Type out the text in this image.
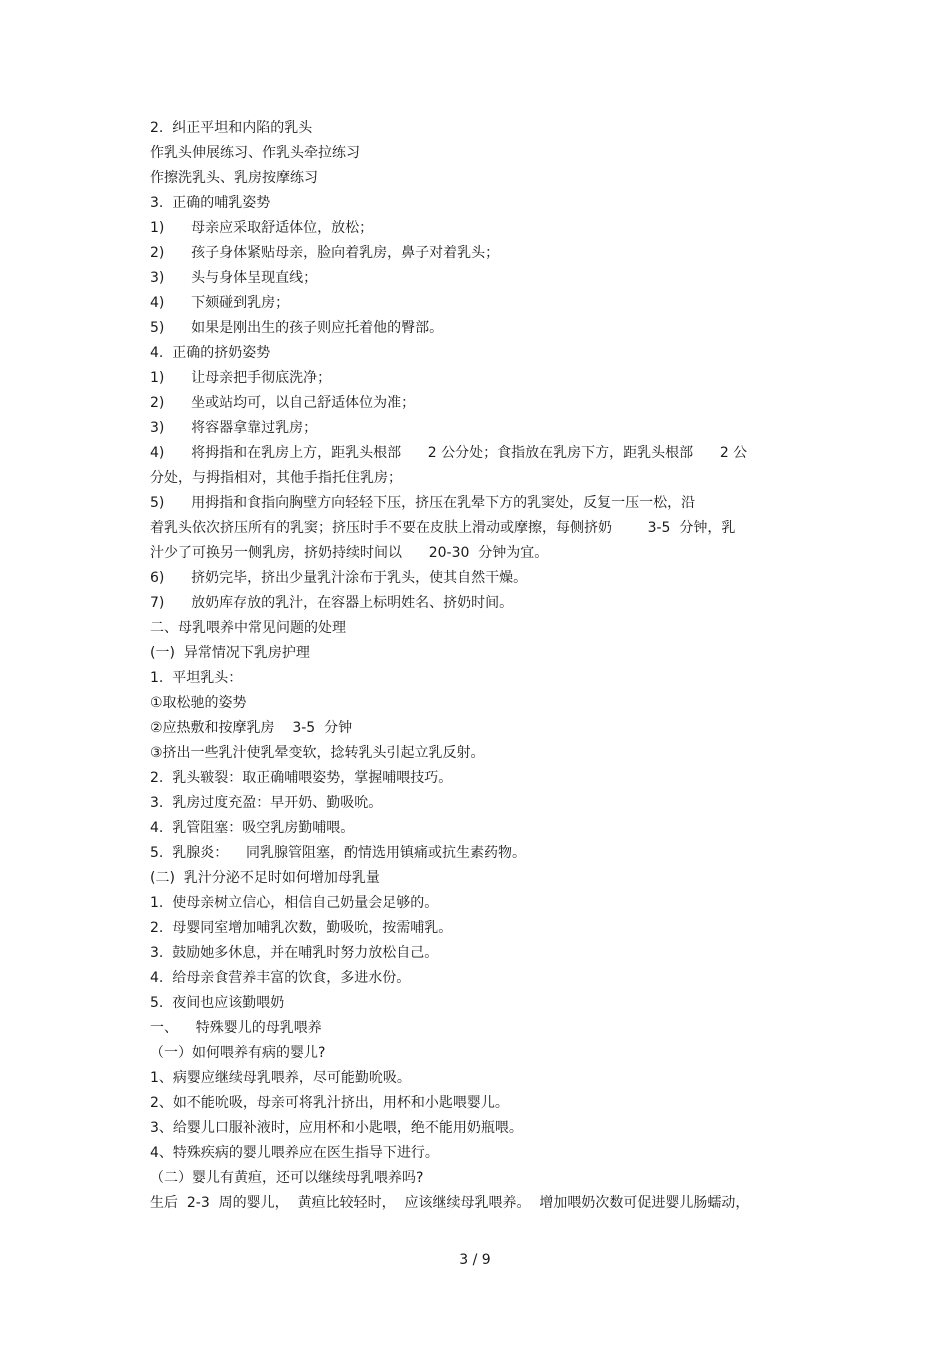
2.  纠正平坦和内陷的乳头
作乳头伸展练习、作乳头牵拉练习
作擦洗乳头、乳房按摩练习
3.  正确的哺乳姿势
1)      母亲应采取舒适体位，放松；
2)      孩子身体紧贴母亲，脸向着乳房，鼻子对着乳头；
3)      头与身体呈现直线；
4)      下颏碰到乳房；
5)      如果是刚出生的孩子则应托着他的臀部。
4.  正确的挤奶姿势
1)      让母亲把手彻底洗净；
2)      坐或站均可，以自己舒适体位为准；
3)      将容器拿靠过乳房；
4)      将拇指和在乳房上方，距乳头根部      2 公分处；食指放在乳房下方，距乳头根部      2 公
分处，与拇指相对，其他手指托住乳房；
5)      用拇指和食指向胸壁方向轻轻下压，挤压在乳晕下方的乳窦处，反复一压一松，沿
着乳头依次挤压所有的乳窦；挤压时手不要在皮肤上滑动或摩擦，每侧挤奶        3-5  分钟，乳
汁少了可换另一侧乳房，挤奶持续时间以      20-30  分钟为宜。
6)      挤奶完毕，挤出少量乳汁涂布于乳头，使其自然干燥。
7)      放奶库存放的乳汁，在容器上标明姓名、挤奶时间。
二、母乳喂养中常见问题的处理
(一)  异常情况下乳房护理
1.  平坦乳头：
①取松驰的姿势
②应热敷和按摩乳房    3-5  分钟
③挤出一些乳汁使乳晕变软，捻转乳头引起立乳反射。
2.  乳头皲裂：取正确哺喂姿势，掌握哺喂技巧。
3.  乳房过度充盈：早开奶、勤吸吮。
4.  乳管阻塞：吸空乳房勤哺喂。
5.  乳腺炎：    同乳腺管阻塞，酌情选用镇痛或抗生素药物。
(二)  乳汁分泌不足时如何增加母乳量
1.  使母亲树立信心，相信自己奶量会足够的。
2.  母婴同室增加哺乳次数，勤吸吮，按需哺乳。
3.  鼓励她多休息，并在哺乳时努力放松自己。
4.  给母亲食营养丰富的饮食，多进水份。
5.  夜间也应该勤喂奶
一、    特殊婴儿的母乳喂养
（一）如何喂养有病的婴儿?
1、病婴应继续母乳喂养，尽可能勤吮吸。
2、如不能吮吸，母亲可将乳汁挤出，用杯和小匙喂婴儿。
3、给婴儿口服补液时，应用杯和小匙喂，绝不能用奶瓶喂。
4、特殊疾病的婴儿喂养应在医生指导下进行。
（二）婴儿有黄疸，还可以继续母乳喂养吗?
生后  2-3  周的婴儿，  黄疸比较轻时，  应该继续母乳喂养。  增加喂奶次数可促进婴儿肠蠕动，
3 / 9
